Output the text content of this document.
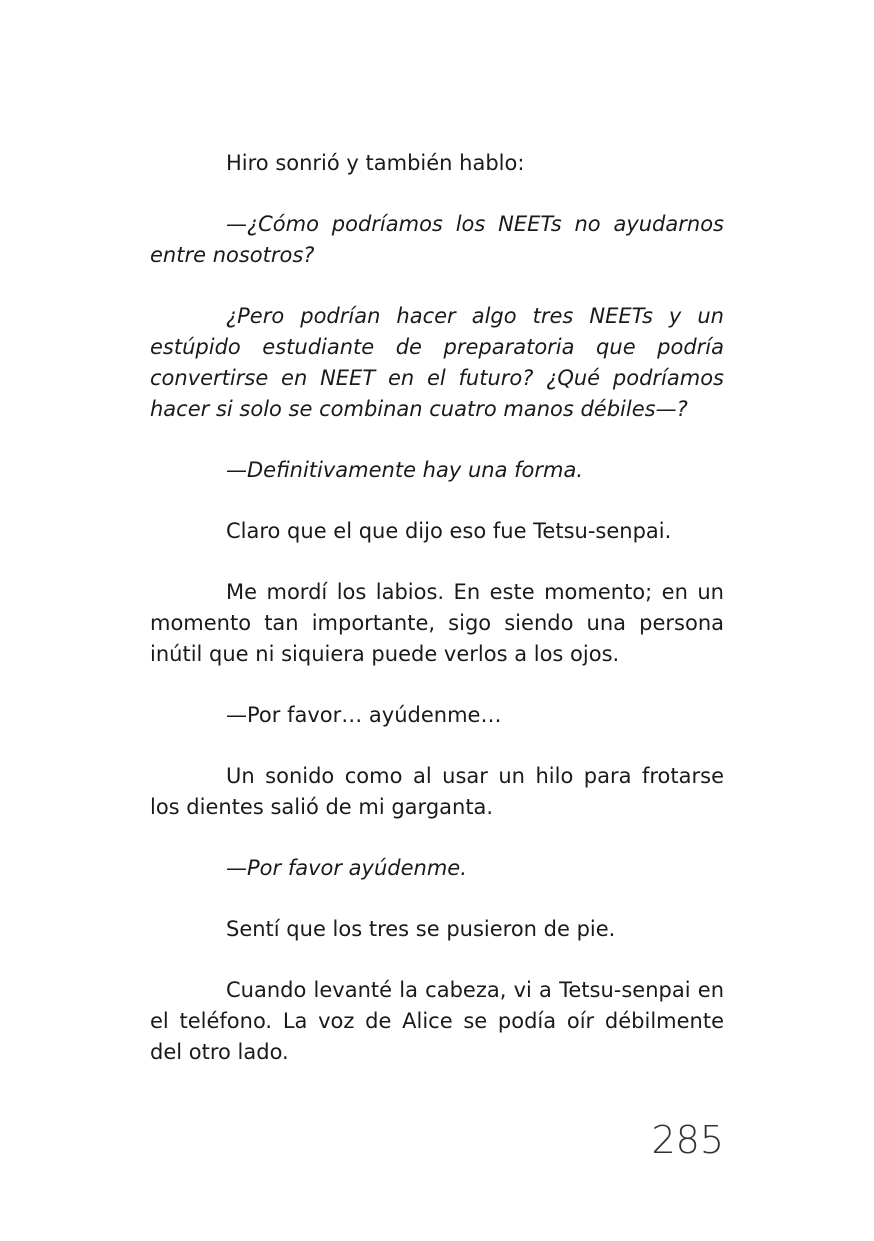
Hiro sonrió y también hablo:

—¿Cómo podríamos los NEETs no ayudarnos entre nosotros?

¿Pero podrían hacer algo tres NEETs y un estúpido estudiante de preparatoria que podría convertirse en NEET en el futuro? ¿Qué podríamos hacer si solo se combinan cuatro manos débiles—?

—Definitivamente hay una forma.

Claro que el que dijo eso fue Tetsu-senpai.

Me mordí los labios. En este momento; en un momento tan importante, sigo siendo una persona inútil que ni siquiera puede verlos a los ojos.

—Por favor… ayúdenme…

Un sonido como al usar un hilo para frotarse los dientes salió de mi garganta.

—Por favor ayúdenme.

Sentí que los tres se pusieron de pie.

Cuando levanté la cabeza, vi a Tetsu-senpai en el teléfono. La voz de Alice se podía oír débilmente del otro lado.

285
